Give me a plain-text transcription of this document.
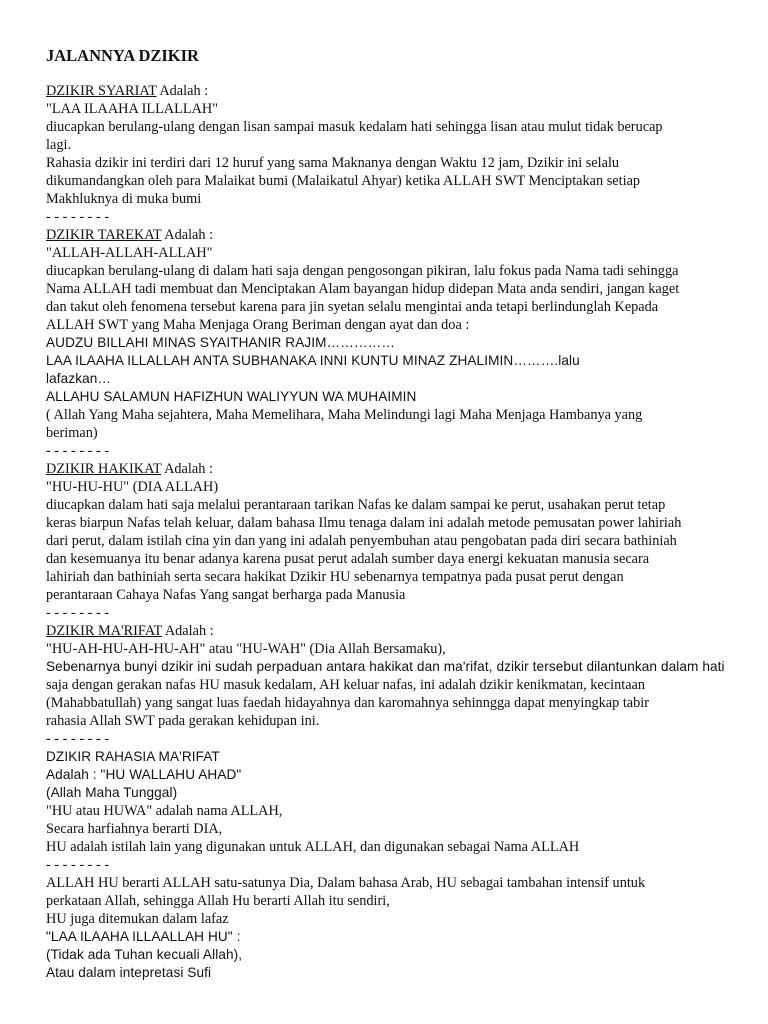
JALANNYA DZIKIR
DZIKIR SYARIAT Adalah :
"LAA ILAAHA ILLALLAH"
diucapkan berulang-ulang dengan lisan sampai masuk kedalam hati sehingga lisan atau mulut tidak berucap
lagi.
Rahasia dzikir ini terdiri dari 12 huruf yang sama Maknanya dengan Waktu 12 jam, Dzikir ini selalu
dikumandangkan oleh para Malaikat bumi (Malaikatul Ahyar) ketika ALLAH SWT Menciptakan setiap
Makhluknya di muka bumi
- - - - - - - -
DZIKIR TAREKAT Adalah :
"ALLAH-ALLAH-ALLAH"
diucapkan berulang-ulang di dalam hati saja dengan pengosongan pikiran, lalu fokus pada Nama tadi sehingga
Nama ALLAH tadi membuat dan Menciptakan Alam bayangan hidup didepan Mata anda sendiri, jangan kaget
dan takut oleh fenomena tersebut karena para jin syetan selalu mengintai anda tetapi berlindunglah Kepada
ALLAH SWT yang Maha Menjaga Orang Beriman dengan ayat dan doa :
AUDZU BILLAHI MINAS SYAITHANIR RAJIM……………
LAA ILAAHA ILLALLAH ANTA SUBHANAKA INNI KUNTU MINAZ ZHALIMIN……….lalu
lafazkan…
ALLAHU SALAMUN HAFIZHUN WALIYYUN WA MUHAIMIN
( Allah Yang Maha sejahtera, Maha Memelihara, Maha Melindungi lagi Maha Menjaga Hambanya yang
beriman)
- - - - - - - -
DZIKIR HAKIKAT Adalah :
"HU-HU-HU" (DIA ALLAH)
diucapkan dalam hati saja melalui perantaraan tarikan Nafas ke dalam sampai ke perut, usahakan perut tetap
keras biarpun Nafas telah keluar, dalam bahasa Ilmu tenaga dalam ini adalah metode pemusatan power lahiriah
dari perut, dalam istilah cina yin dan yang ini adalah penyembuhan atau pengobatan pada diri secara bathiniah
dan kesemuanya itu benar adanya karena pusat perut adalah sumber daya energi kekuatan manusia secara
lahiriah dan bathiniah serta secara hakikat Dzikir HU sebenarnya tempatnya pada pusat perut dengan
perantaraan Cahaya Nafas Yang sangat berharga pada Manusia
- - - - - - - -
DZIKIR MA'RIFAT Adalah :
"HU-AH-HU-AH-HU-AH" atau "HU-WAH" (Dia Allah Bersamaku),
Sebenarnya bunyi dzikir ini sudah perpaduan antara hakikat dan ma'rifat, dzikir tersebut dilantunkan dalam hati
saja dengan gerakan nafas HU masuk kedalam, AH keluar nafas, ini adalah dzikir kenikmatan, kecintaan
(Mahabbatullah) yang sangat luas faedah hidayahnya dan karomahnya sehinngga dapat menyingkap tabir
rahasia Allah SWT pada gerakan kehidupan ini.
- - - - - - - -
DZIKIR RAHASIA MA'RIFAT
Adalah : "HU WALLAHU AHAD"
(Allah Maha Tunggal)
"HU atau HUWA" adalah nama ALLAH,
Secara harfiahnya berarti DIA,
HU adalah istilah lain yang digunakan untuk ALLAH, dan digunakan sebagai Nama ALLAH
- - - - - - - -
ALLAH HU berarti ALLAH satu-satunya Dia, Dalam bahasa Arab, HU sebagai tambahan intensif untuk
perkataan Allah, sehingga Allah Hu berarti Allah itu sendiri,
HU juga ditemukan dalam lafaz
"LAA ILAAHA ILLAALLAH HU" :
(Tidak ada Tuhan kecuali Allah),
Atau dalam intepretasi Sufi
